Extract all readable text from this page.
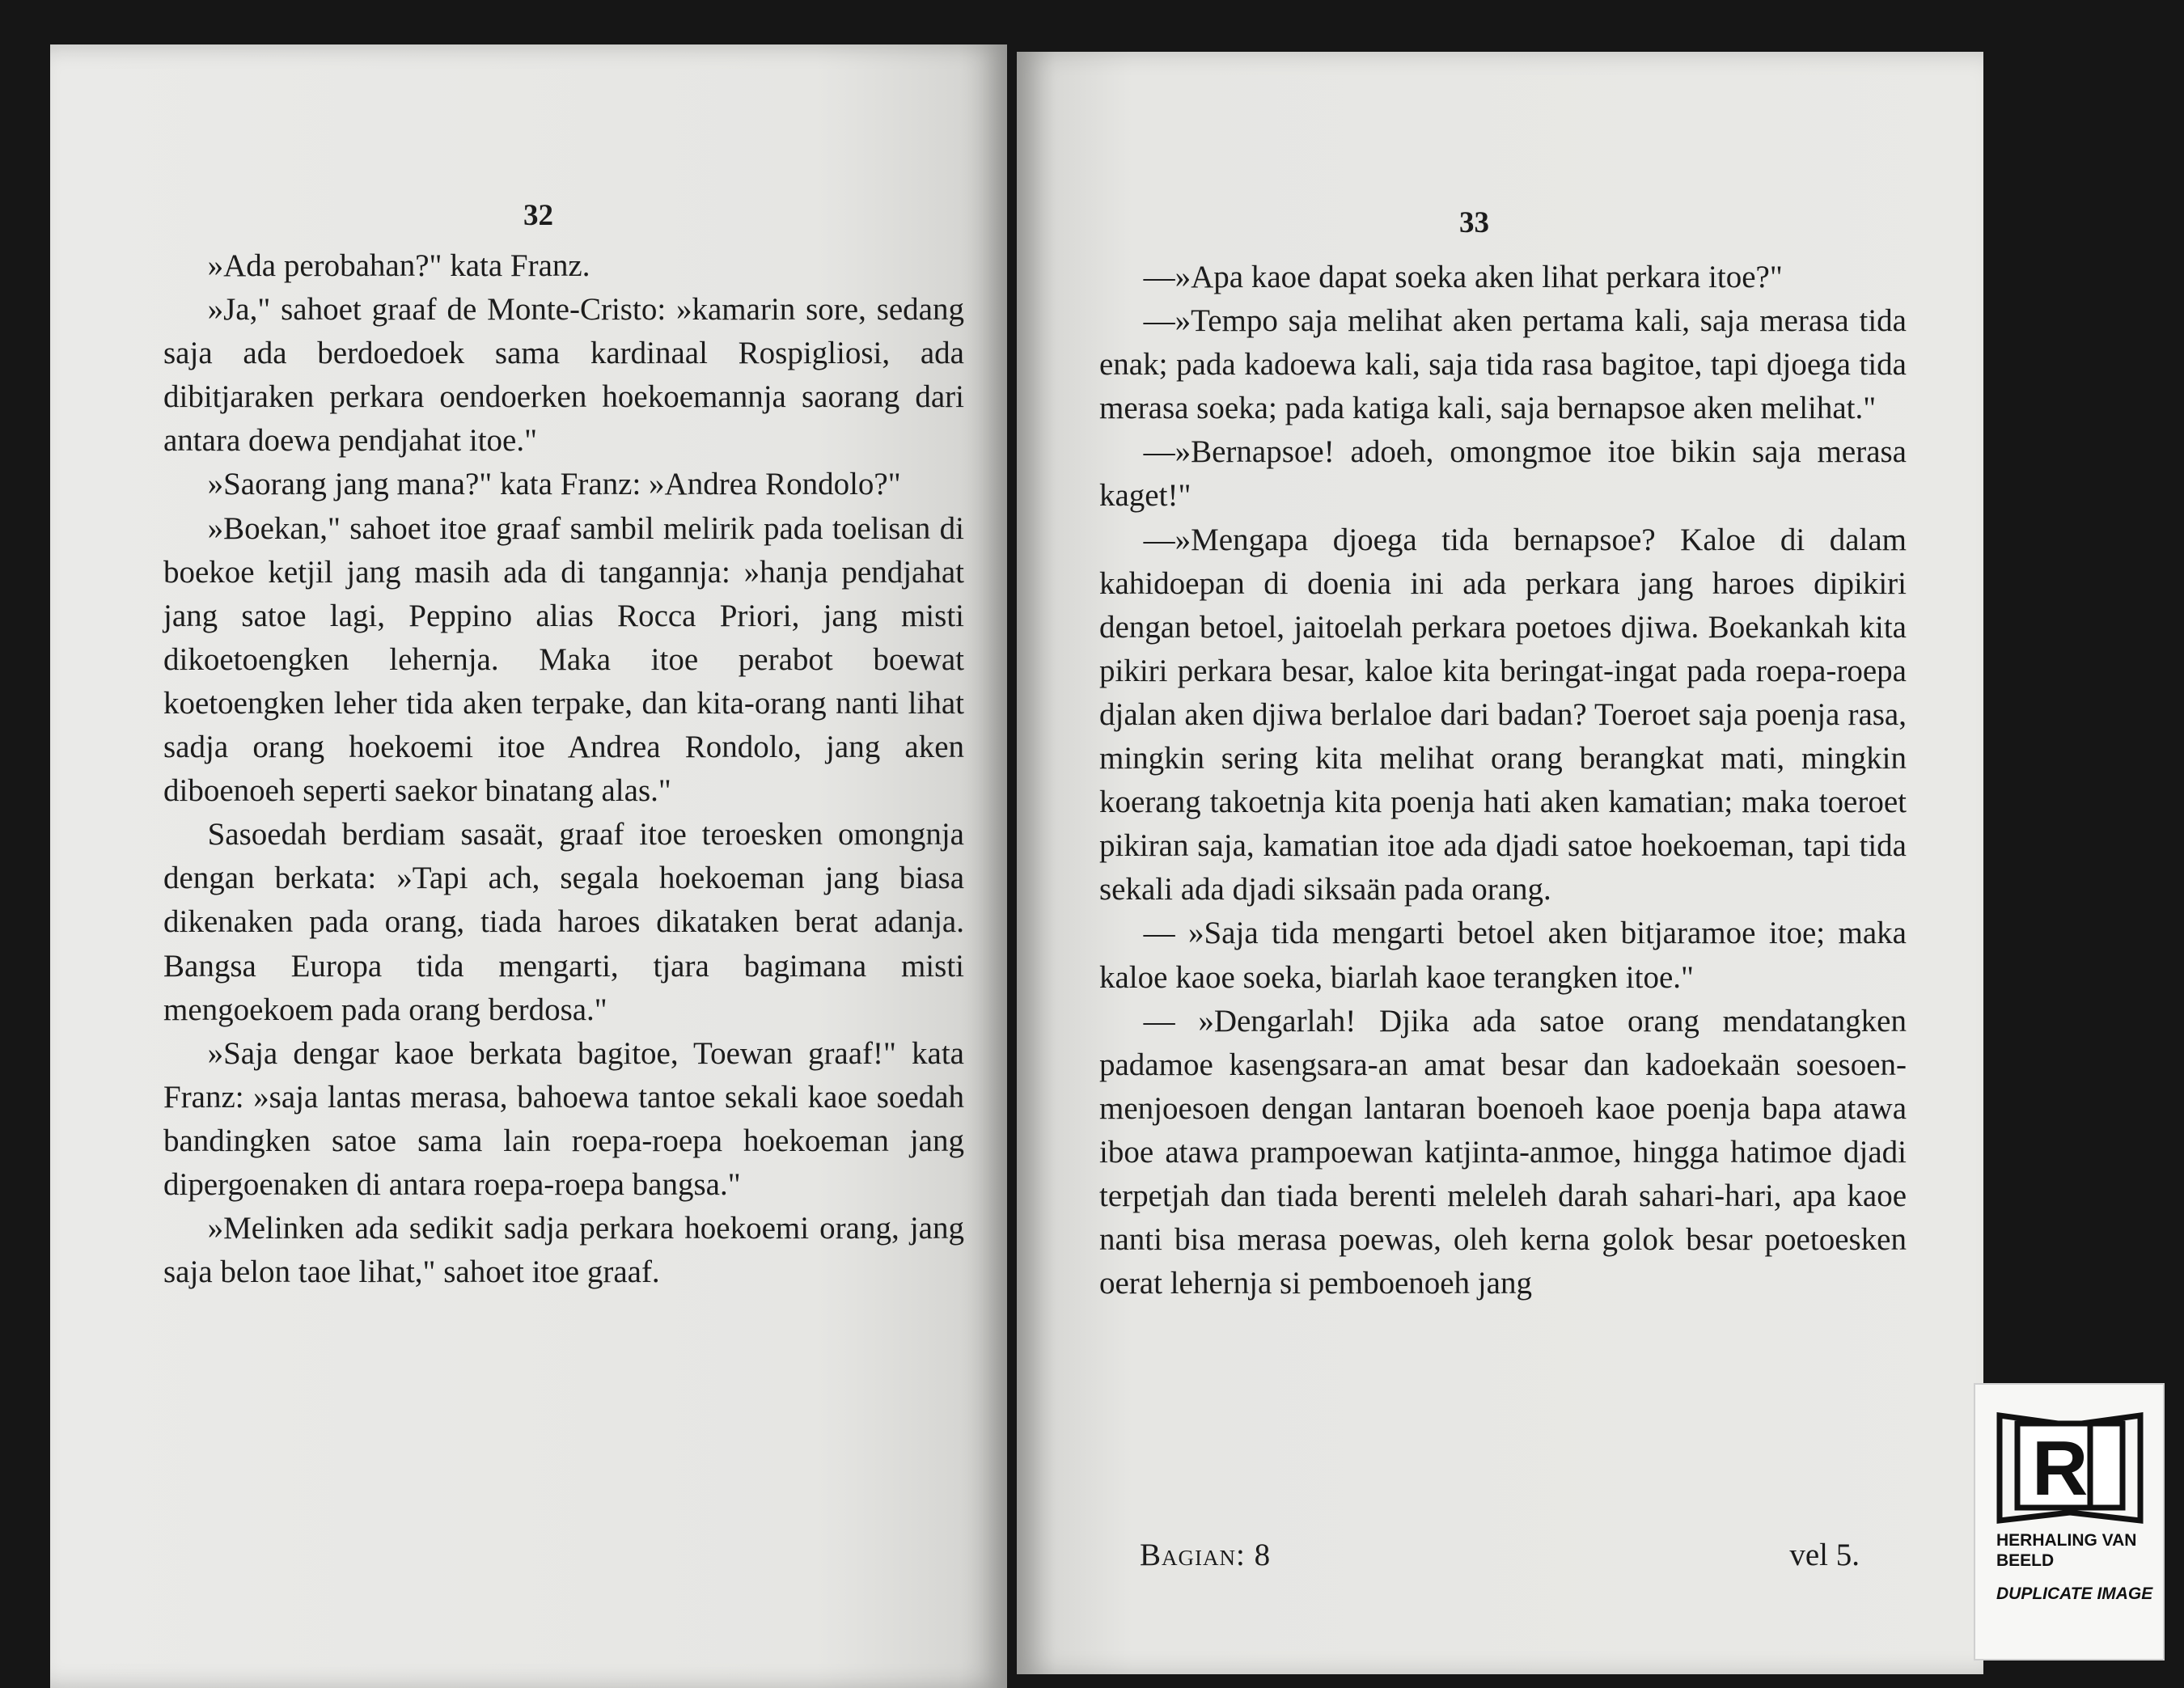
32

»Ada perobahan?" kata Franz.

»Ja," sahoet graaf de Monte-Cristo: »kamarin sore, sedang saja ada berdoedoek sama kardinaal Rospigliosi, ada dibitjaraken perkara oendoerken hoekoemannja saorang dari antara doewa pendjahat itoe."

»Saorang jang mana?" kata Franz: »Andrea Rondolo?"

»Boekan," sahoet itoe graaf sambil melirik pada toelisan di boekoe ketjil jang masih ada di tangannja: »hanja pendjahat jang satoe lagi, Peppino alias Rocca Priori, jang misti dikoetoengken lehernja. Maka itoe perabot boewat koetoengken leher tida aken terpake, dan kita-orang nanti lihat sadja orang hoekoemi itoe Andrea Rondolo, jang aken diboenoeh seperti saekor binatang alas."

Sasoedah berdiam sasaät, graaf itoe teroesken omongnja dengan berkata: »Tapi ach, segala hoekoeman jang biasa dikenaken pada orang, tiada haroes dikataken berat adanja. Bangsa Europa tida mengarti, tjara bagimana misti mengoekoem pada orang berdosa."

»Saja dengar kaoe berkata bagitoe, Toewan graaf!" kata Franz: »saja lantas merasa, bahoewa tantoe sekali kaoe soedah bandingken satoe sama lain roepa-roepa hoekoeman jang dipergoenaken di antara roepa-roepa bangsa."

»Melinken ada sedikit sadja perkara hoekoemi orang, jang saja belon taoe lihat," sahoet itoe graaf.

33

—»Apa kaoe dapat soeka aken lihat perkara itoe?"

—»Tempo saja melihat aken pertama kali, saja merasa tida enak; pada kadoewa kali, saja tida rasa bagitoe, tapi djoega tida merasa soeka; pada katiga kali, saja bernapsoe aken melihat."

—»Bernapsoe! adoeh, omongmoe itoe bikin saja merasa kaget!"

—»Mengapa djoega tida bernapsoe? Kaloe di dalam kahidoepan di doenia ini ada perkara jang haroes dipikiri dengan betoel, jaitoelah perkara poetoes djiwa. Boekankah kita pikiri perkara besar, kaloe kita beringat-ingat pada roepa-roepa djalan aken djiwa berlaloe dari badan? Toeroet saja poenja rasa, mingkin sering kita melihat orang berangkat mati, mingkin koerang takoetnja kita poenja hati aken kamatian; maka toeroet pikiran saja, kamatian itoe ada djadi satoe hoekoeman, tapi tida sekali ada djadi siksaän pada orang.

— »Saja tida mengarti betoel aken bitjaramoe itoe; maka kaloe kaoe soeka, biarlah kaoe terangken itoe."

— »Dengarlah! Djika ada satoe orang mendatangken padamoe kasengsara-an amat besar dan kadoekaän soesoen-menjoesoen dengan lantaran boenoeh kaoe poenja bapa atawa iboe atawa prampoewan katjinta-anmoe, hingga hatimoe djadi terpetjah dan tiada berenti meleleh darah sahari-hari, apa kaoe nanti bisa merasa poewas, oleh kerna golok besar poetoesken oerat lehernja si pemboenoeh jang

Bagian: 8	vel 5.
R
HERHALING VAN BEELD
DUPLICATE IMAGE
